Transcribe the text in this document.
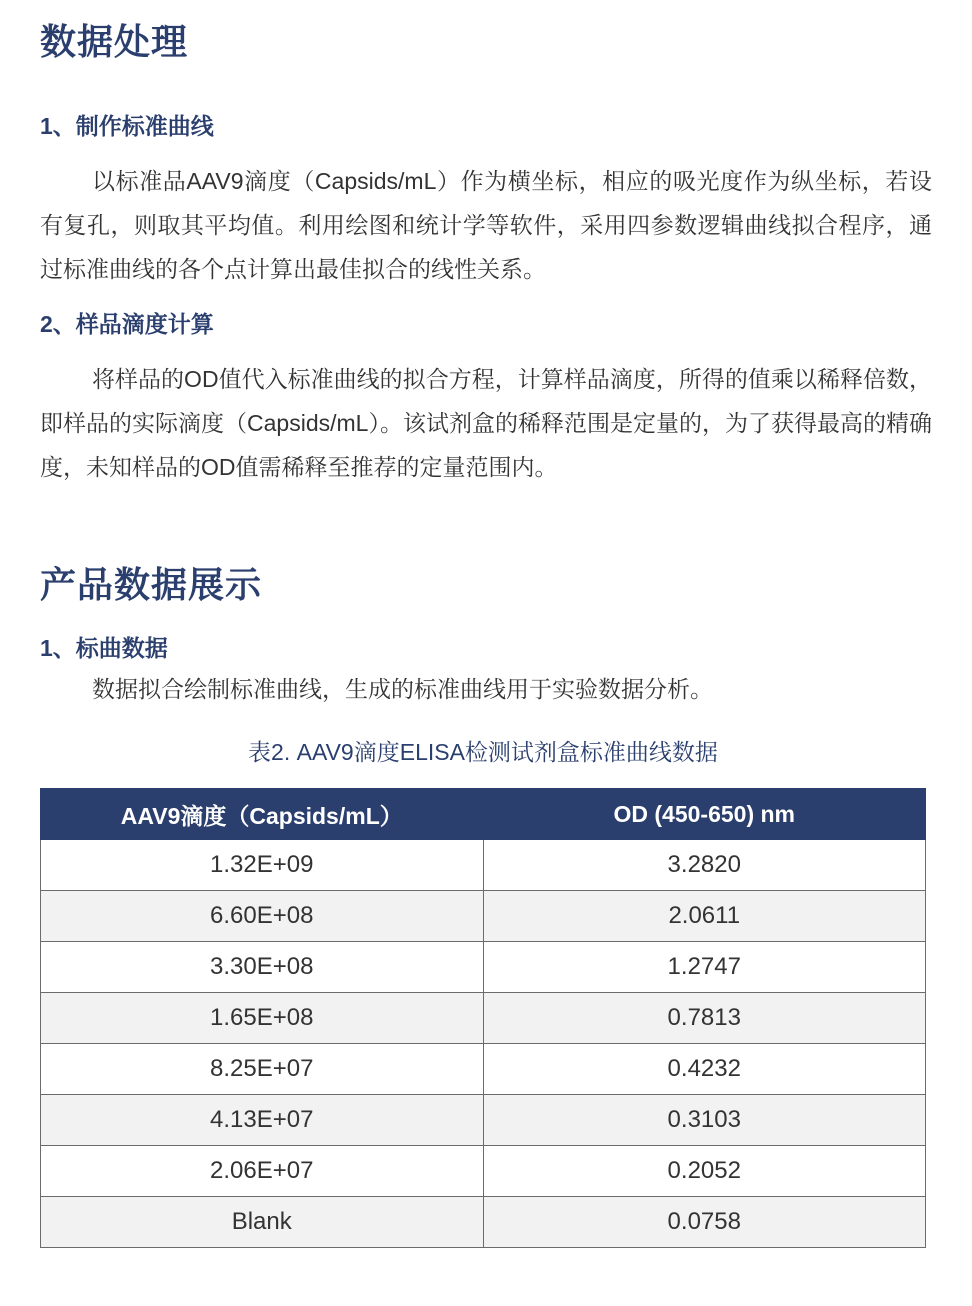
数据处理
1、制作标准曲线

以标准品AAV9滴度（Capsids/mL）作为横坐标，相应的吸光度作为纵坐标，若设有复孔，则取其平均值。利用绘图和统计学等软件，采用四参数逻辑曲线拟合程序，通过标准曲线的各个点计算出最佳拟合的线性关系。

2、样品滴度计算

将样品的OD值代入标准曲线的拟合方程，计算样品滴度，所得的值乘以稀释倍数，即样品的实际滴度（Capsids/mL）。该试剂盒的稀释范围是定量的，为了获得最高的精确度，未知样品的OD值需稀释至推荐的定量范围内。

产品数据展示
1、标曲数据

数据拟合绘制标准曲线，生成的标准曲线用于实验数据分析。

表2. AAV9滴度ELISA检测试剂盒标准曲线数据

AAV9滴度（Capsids/mL）	OD (450-650) nm
1.32E+09	3.2820
6.60E+08	2.0611
3.30E+08	1.2747
1.65E+08	0.7813
8.25E+07	0.4232
4.13E+07	0.3103
2.06E+07	0.2052
Blank	0.0758
